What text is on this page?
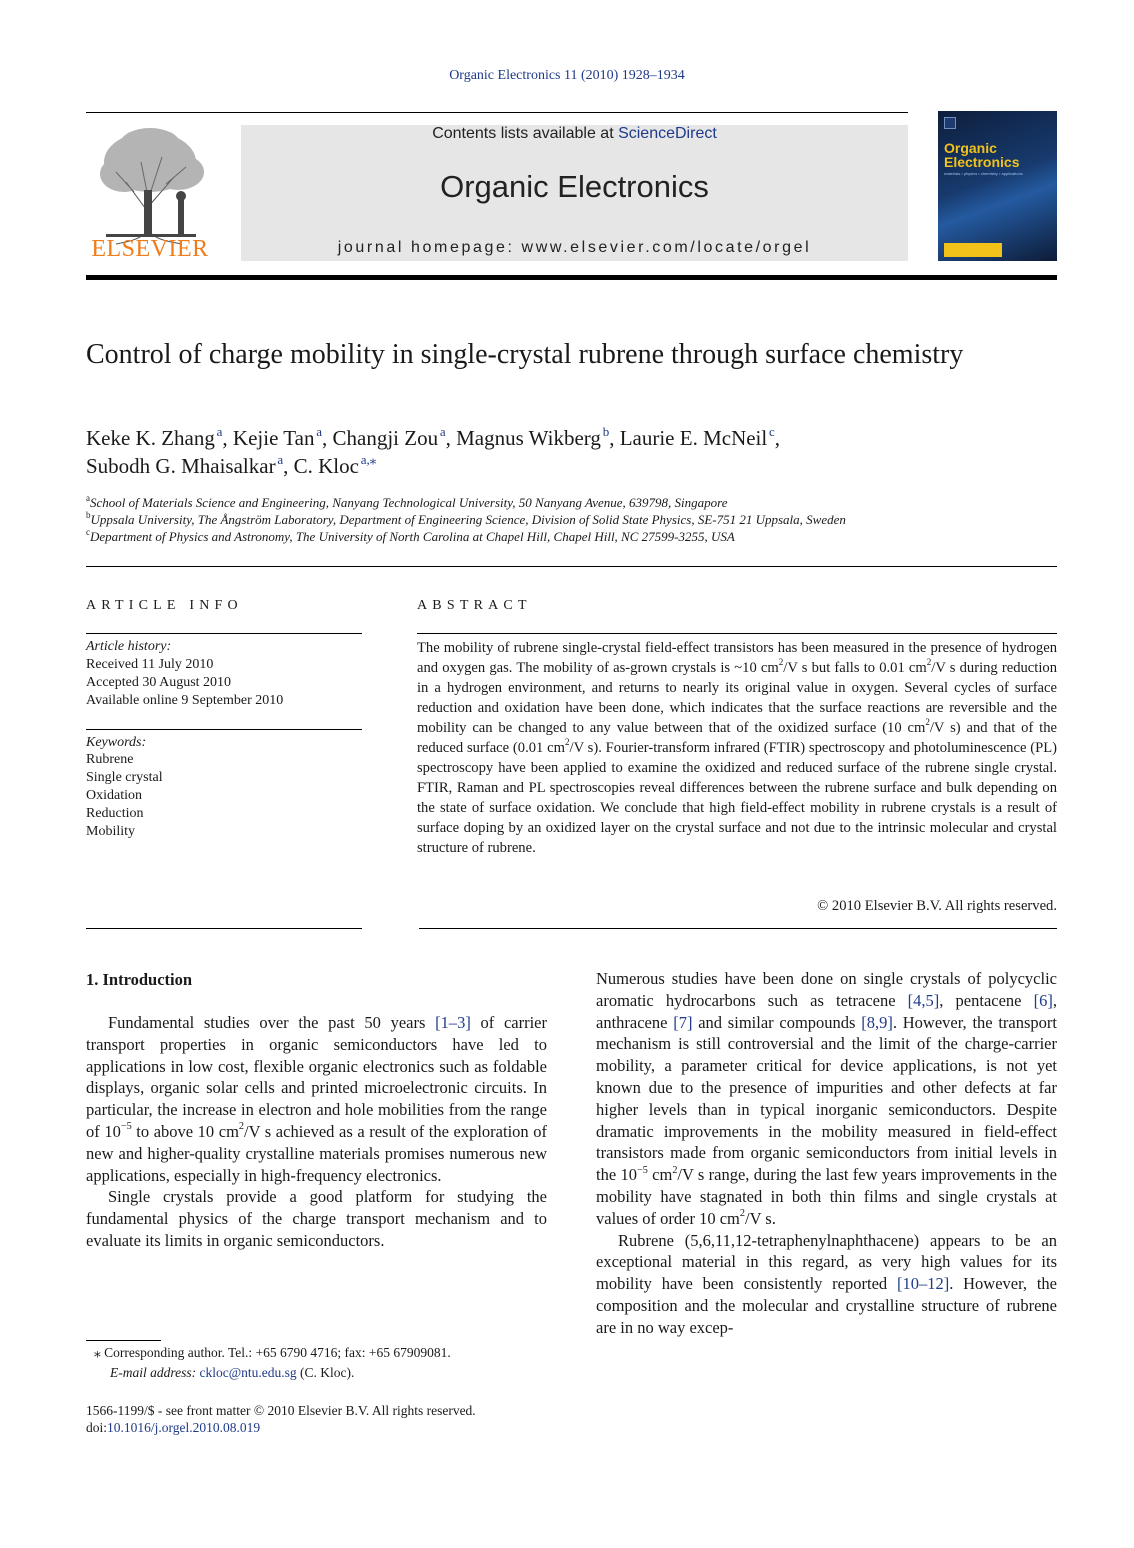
Organic Electronics 11 (2010) 1928–1934
ELSEVIER
Contents lists available at ScienceDirect
Organic Electronics
journal homepage: www.elsevier.com/locate/orgel
Organic Electronics
materials • physics • chemistry • applications
Control of charge mobility in single-crystal rubrene through surface chemistry
Keke K. Zhang  $^a$, Kejie Tan  $^a$, Changji Zou  $^a$, Magnus Wikberg  $^b$, Laurie E. McNeil  $^c$,
Subodh G. Mhaisalkar  $^a$, C. Kloc  $^{a,⁎}$
$^a$School of Materials Science and Engineering, Nanyang Technological University, 50 Nanyang Avenue, 639798, Singapore
$^b$Uppsala University, The Ångström Laboratory, Department of Engineering Science, Division of Solid State Physics, SE-751 21 Uppsala, Sweden
$^c$Department of Physics and Astronomy, The University of North Carolina at Chapel Hill, Chapel Hill, NC 27599-3255, USA
ARTICLE INFO
Article history:
Received 11 July 2010
Accepted 30 August 2010
Available online 9 September 2010
Keywords:
Rubrene
Single crystal
Oxidation
Reduction
Mobility
ABSTRACT
The mobility of rubrene single-crystal field-effect transistors has been measured in the presence of hydrogen and oxygen gas. The mobility of as-grown crystals is ~10 $cm^2/V$ s but falls to 0.01 $cm^2/V$ s during reduction in a hydrogen environment, and returns to nearly its original value in oxygen. Several cycles of surface reduction and oxidation have been done, which indicates that the surface reactions are reversible and the mobility can be changed to any value between that of the oxidized surface (10 $cm^2/V$ s) and that of the reduced surface (0.01 $cm^2/V$ s). Fourier-transform infrared (FTIR) spectroscopy and photoluminescence (PL) spectroscopy have been applied to examine the oxidized and reduced surface of the rubrene single crystal. FTIR, Raman and PL spectroscopies reveal differences between the rubrene surface and bulk depending on the state of surface oxidation. We conclude that high field-effect mobility in rubrene crystals is a result of surface doping by an oxidized layer on the crystal surface and not due to the intrinsic molecular and crystal structure of rubrene.
© 2010 Elsevier B.V. All rights reserved.
1. Introduction

Fundamental studies over the past 50 years [1–3] of carrier transport properties in organic semiconductors have led to applications in low cost, flexible organic electronics such as foldable displays, organic solar cells and printed microelectronic circuits. In particular, the increase in electron and hole mobilities from the range of $10^{-5}$ to above 10 $cm^2/V$ s achieved as a result of the exploration of new and higher-quality crystalline materials promises numerous new applications, especially in high-frequency electronics.

Single crystals provide a good platform for studying the fundamental physics of the charge transport mechanism and to evaluate its limits in organic semiconductors.

Numerous studies have been done on single crystals of polycyclic aromatic hydrocarbons such as tetracene [4,5], pentacene [6], anthracene [7] and similar compounds [8,9]. However, the transport mechanism is still controversial and the limit of the charge-carrier mobility, a parameter critical for device applications, is not yet known due to the presence of impurities and other defects at far higher levels than in typical inorganic semiconductors. Despite dramatic improvements in the mobility measured in field-effect transistors made from organic semiconductors from initial levels in the $10^{-5}$ $cm^2/V$ s range, during the last few years improvements in the mobility have stagnated in both thin films and single crystals at values of order 10 $cm^2/V$ s.

Rubrene (5,6,11,12-tetraphenylnaphthacene) appears to be an exceptional material in this regard, as very high values for its mobility have been consistently reported [10–12]. However, the composition and the molecular and crystalline structure of rubrene are in no way excep-

⁎ Corresponding author. Tel.: +65 6790 4716; fax: +65 67909081.
E-mail address: ckloc@ntu.edu.sg (C. Kloc).
1566-1199/$ - see front matter © 2010 Elsevier B.V. All rights reserved.
doi:10.1016/j.orgel.2010.08.019
